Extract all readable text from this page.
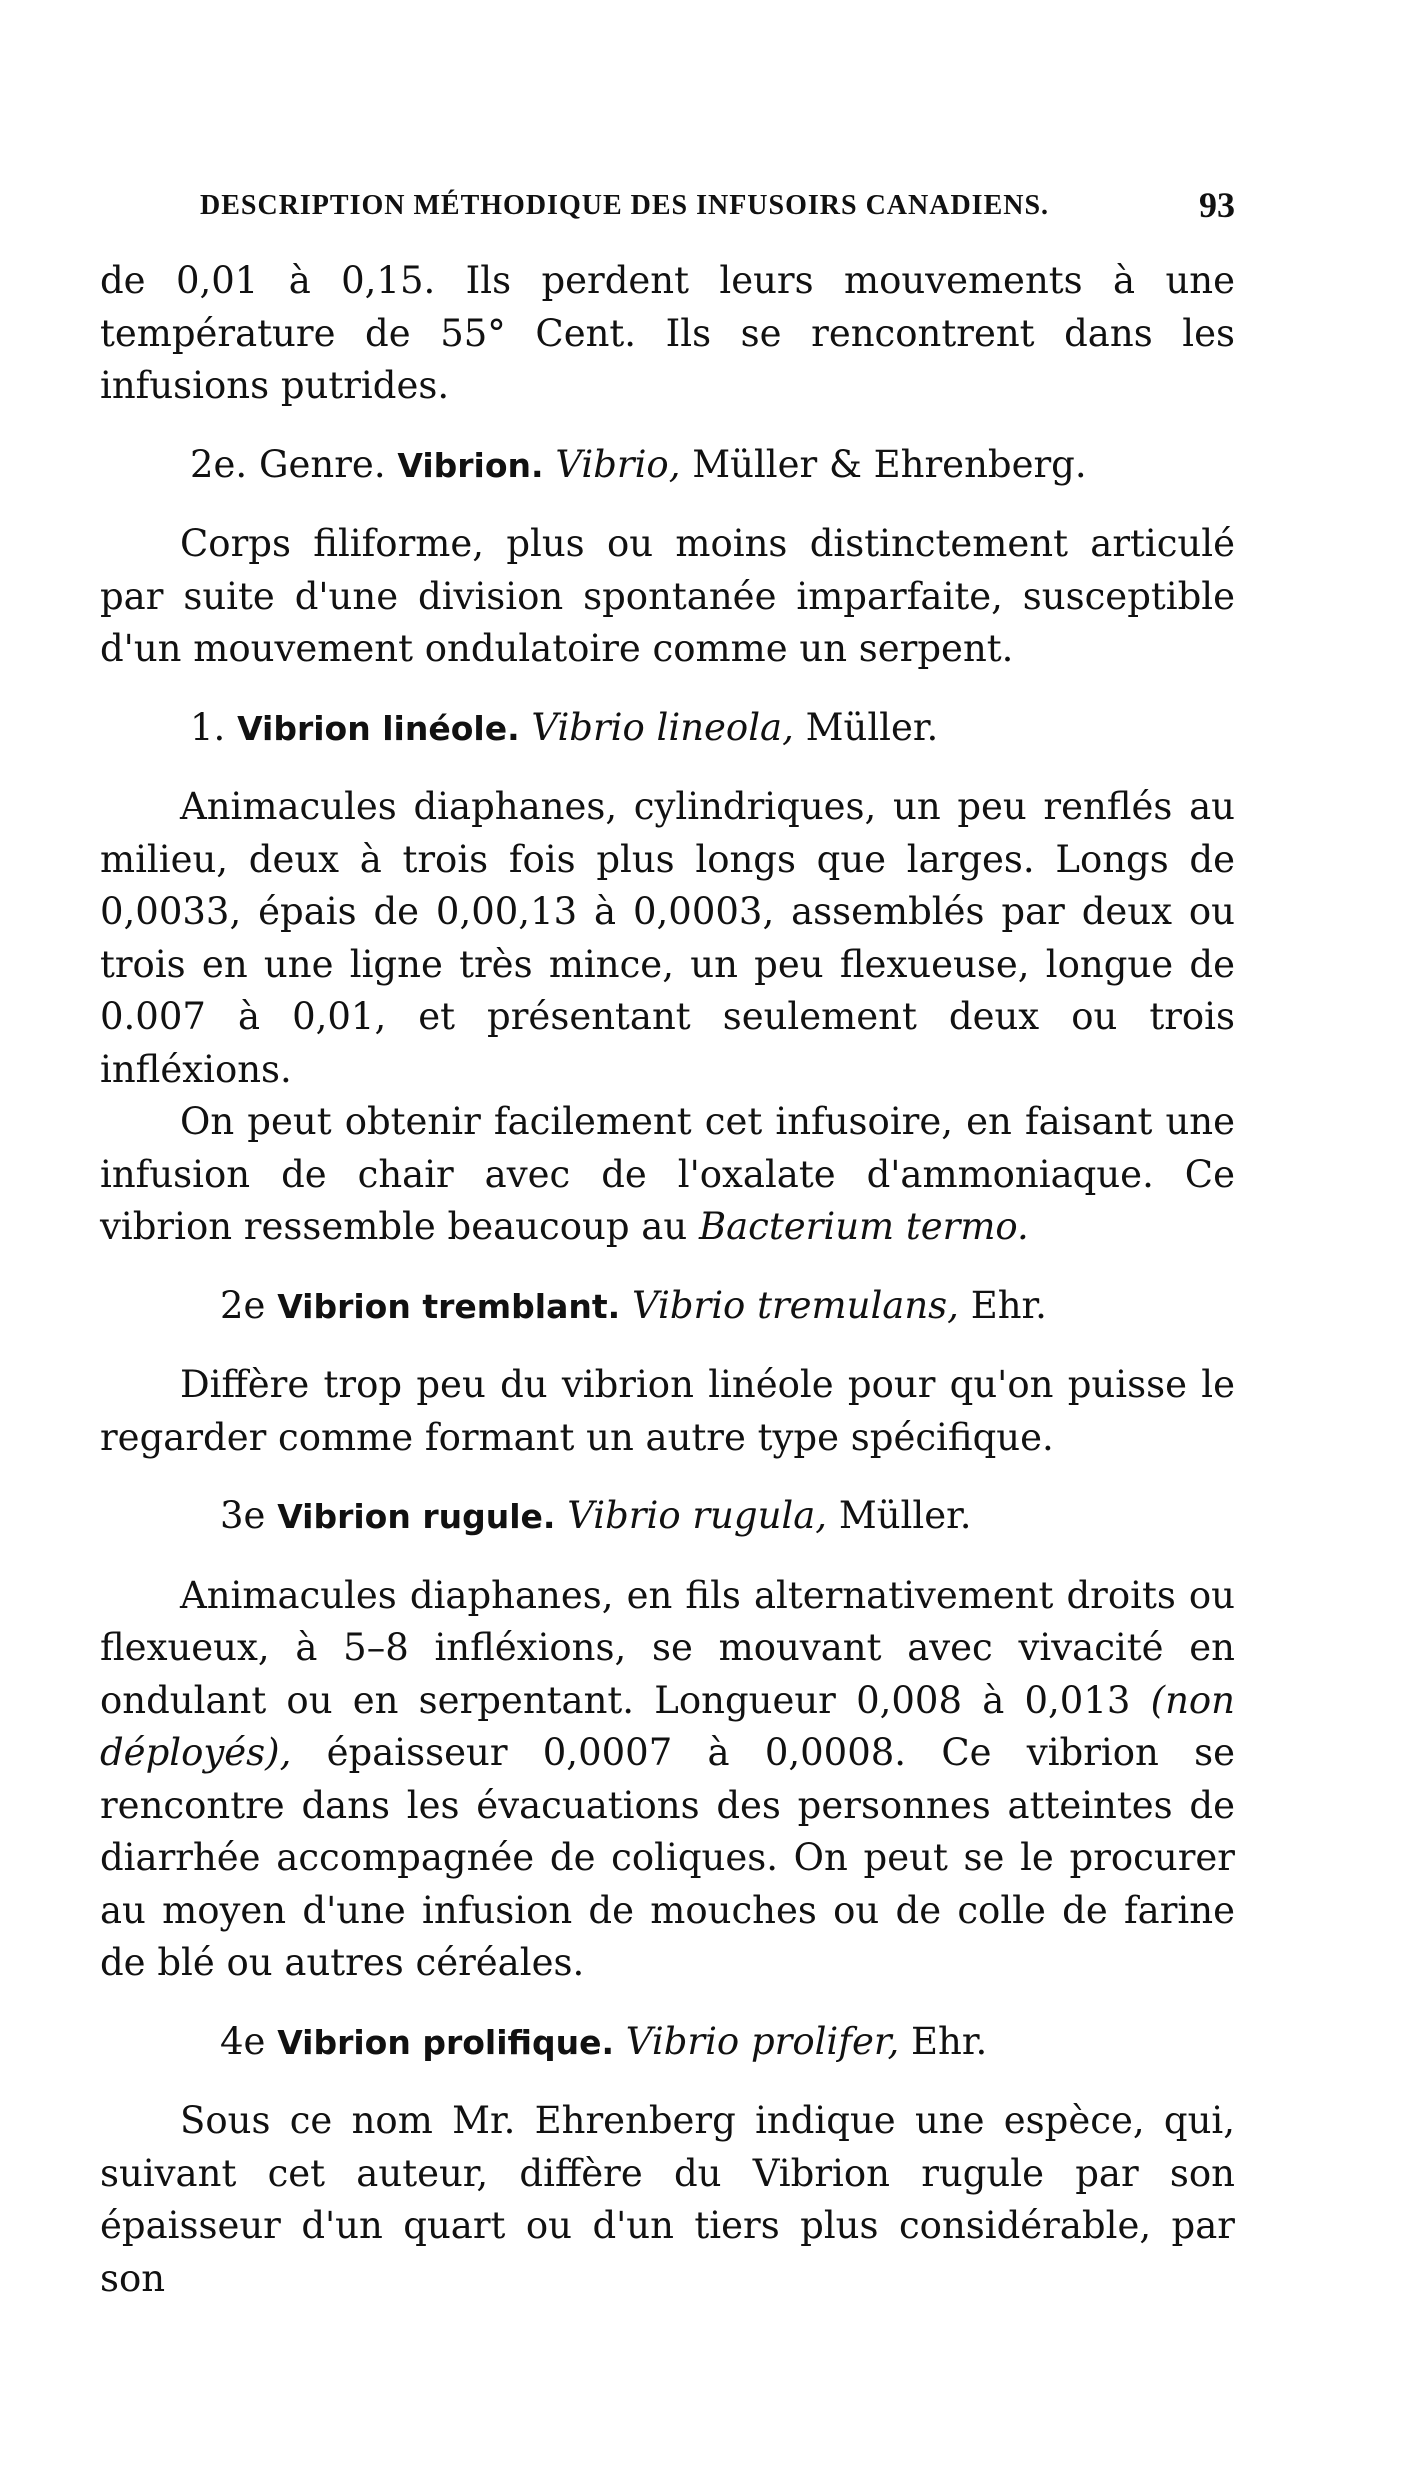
DESCRIPTION MÉTHODIQUE DES INFUSOIRS CANADIENS.	93

de 0,01 à 0,15. Ils perdent leurs mouvements à une température de 55° Cent. Ils se rencontrent dans les infusions putrides.

2e. Genre. Vibrion. Vibrio, Müller & Ehrenberg.

Corps filiforme, plus ou moins distinctement articulé par suite d'une division spontanée imparfaite, susceptible d'un mouvement ondulatoire comme un serpent.

1. Vibrion linéole. Vibrio lineola, Müller.

Animacules diaphanes, cylindriques, un peu renflés au milieu, deux à trois fois plus longs que larges. Longs de 0,0033, épais de 0,00,13 à 0,0003, assemblés par deux ou trois en une ligne très mince, un peu flexueuse, longue de 0.007 à 0,01, et présentant seulement deux ou trois infléxions.

On peut obtenir facilement cet infusoire, en faisant une infusion de chair avec de l'oxalate d'ammoniaque. Ce vibrion ressemble beaucoup au Bacterium termo.

2e Vibrion tremblant. Vibrio tremulans, Ehr.

Diffère trop peu du vibrion linéole pour qu'on puisse le regarder comme formant un autre type spécifique.

3e Vibrion rugule. Vibrio rugula, Müller.

Animacules diaphanes, en fils alternativement droits ou flexueux, à 5–8 infléxions, se mouvant avec vivacité en ondulant ou en serpentant. Longueur 0,008 à 0,013 (non déployés), épaisseur 0,0007 à 0,0008. Ce vibrion se rencontre dans les évacuations des personnes atteintes de diarrhée accompagnée de coliques. On peut se le procurer au moyen d'une infusion de mouches ou de colle de farine de blé ou autres céréales.

4e Vibrion prolifique. Vibrio prolifer, Ehr.

Sous ce nom Mr. Ehrenberg indique une espèce, qui, suivant cet auteur, diffère du Vibrion rugule par son épaisseur d'un quart ou d'un tiers plus considérable, par son
